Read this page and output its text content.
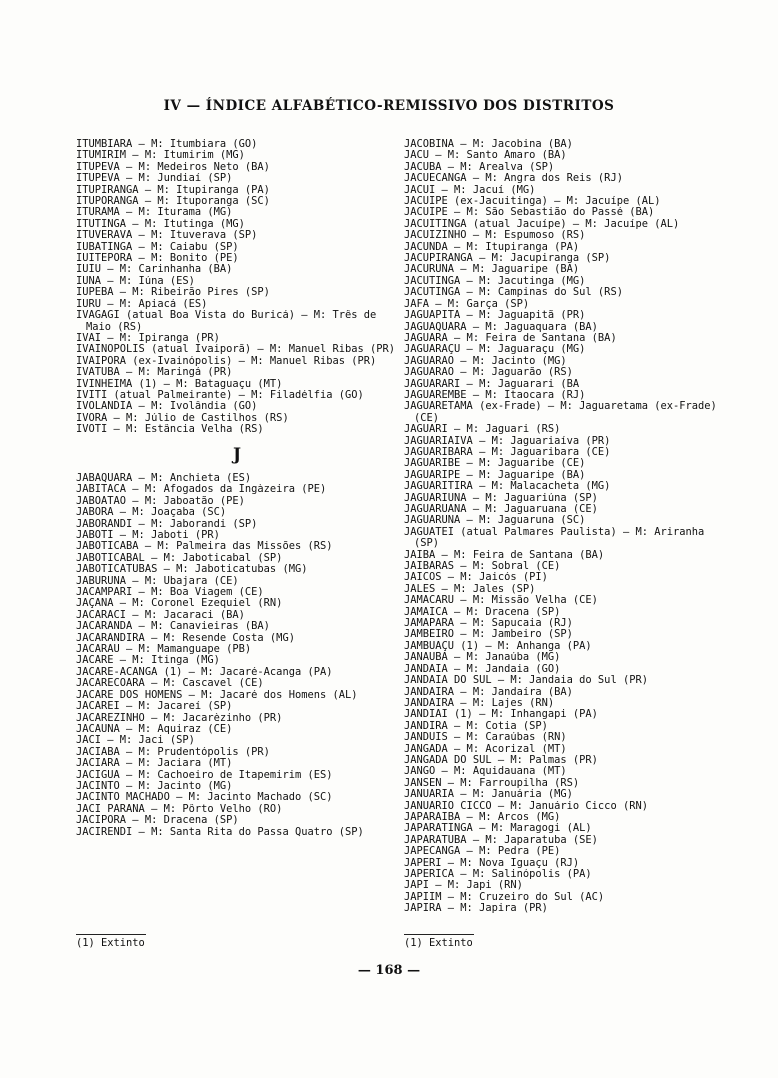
IV — ÍNDICE ALFABÉTICO-REMISSIVO DOS DISTRITOS
ITUMBIARA — M: Itumbiara (GO)
ITUMIRIM — M: Itumirim (MG)
ITUPEVA — M: Medeiros Neto (BA)
ITUPEVA — M: Jundiaí (SP)
ITUPIRANGA — M: Itupiranga (PA)
ITUPORANGA — M: Ituporanga (SC)
ITURAMA — M: Iturama (MG)
ITUTINGA — M: Itutinga (MG)
ITUVERAVA — M: Ituverava (SP)
IUBATINGA — M: Caiabu (SP)
IUITEPORÃ — M: Bonito (PE)
IUIÚ — M: Carinhanha (BA)
IÚNA — M: Iúna (ES)
IUPEBA — M: Ribeirão Pires (SP)
IURU — M: Apiacá (ES)
IVAGAGI (atual Boa Vista do Buricá) — M: Três de Maio (RS)
IVAÍ — M: Ipiranga (PR)
IVAINÓPOLIS (atual Ivaiporã) — M: Manuel Ribas (PR)
IVAIPORÃ (ex-Ivainópolis) — M: Manuel Ribas (PR)
IVATUBA — M: Maringá (PR)
IVINHEIMA (1) — M: Bataguaçu (MT)
IVITI (atual Palmeirante) — M: Filadélfia (GO)
IVOLÂNDIA — M: Ivolândia (GO)
IVORÁ — M: Júlio de Castilhos (RS)
IVOTI — M: Estância Velha (RS)
J
JABAQUARA — M: Anchieta (ES)
JABITACÁ — M: Afogados da Ingàzeira (PE)
JABOATÃO — M: Jaboatão (PE)
JABORÁ — M: Joaçaba (SC)
JABORANDI — M: Jaborandi (SP)
JABOTI — M: Jaboti (PR)
JABOTICABA — M: Palmeira das Missões (RS)
JABOTICABAL — M: Jaboticabal (SP)
JABOTICATUBAS — M: Jaboticatubas (MG)
JABURUNA — M: Ubajara (CE)
JACAMPARI — M: Boa Viagem (CE)
JAÇANÃ — M: Coronel Ezequiel (RN)
JACARACI — M: Jacaraci (BA)
JACARANDÁ — M: Canavieiras (BA)
JACARANDIRA — M: Resende Costa (MG)
JACARAÚ — M: Mamanguape (PB)
JACARÉ — M: Itinga (MG)
JACARÉ-ACANGA (1) — M: Jacaré-Acanga (PA)
JACARECOARA — M: Cascavel (CE)
JACARÉ DOS HOMENS — M: Jacaré dos Homens (AL)
JACAREÍ — M: Jacareí (SP)
JACARÈZINHO — M: Jacarèzinho (PR)
JACAÚNA — M: Aquiraz (CE)
JACI — M: Jaci (SP)
JACIABA — M: Prudentópolis (PR)
JACIARA — M: Jaciara (MT)
JACIGUÁ — M: Cachoeiro de Itapemirim (ES)
JACINTO — M: Jacinto (MG)
JACINTO MACHADO — M: Jacinto Machado (SC)
JACI PARANÁ — M: Pôrto Velho (RO)
JACIPORÃ — M: Dracena (SP)
JACIRENDI — M: Santa Rita do Passa Quatro (SP)
JACOBINA — M: Jacobina (BA)
JACU — M: Santo Amaro (BA)
JACUBA — M: Arealva (SP)
JACUECANGA — M: Angra dos Reis (RJ)
JACUÍ — M: Jacuí (MG)
JACUÍPE (ex-Jacuitinga) — M: Jacuípe (AL)
JACUÍPE — M: São Sebastião do Passé (BA)
JACUITINGA (atual Jacuípe) — M: Jacuípe (AL)
JACUIZINHO — M: Espumoso (RS)
JACUNDÁ — M: Itupiranga (PA)
JACUPIRANGA — M: Jacupiranga (SP)
JACURUNA — M: Jaguaripe (BA)
JACUTINGA — M: Jacutinga (MG)
JACUTINGA — M: Campinas do Sul (RS)
JAFA — M: Garça (SP)
JAGUAPITÃ — M: Jaguapitã (PR)
JAGUAQUARA — M: Jaguaquara (BA)
JAGUARA — M: Feira de Santana (BA)
JAGUARAÇU — M: Jaguaraçu (MG)
JAGUARÃO — M: Jacinto (MG)
JAGUARÃO — M: Jaguarão (RS)
JAGUARARI — M: Jaguarari (BA
JAGUAREMBÉ — M: Itaocara (RJ)
JAGUARETAMA (ex-Frade) — M: Jaguaretama (ex-Frade) (CE)
JAGUARI — M: Jaguari (RS)
JAGUARIAÍVA — M: Jaguariaíva (PR)
JAGUARIBARA — M: Jaguaribara (CE)
JAGUARIBE — M: Jaguaribe (CE)
JAGUARIPE — M: Jaguaripe (BA)
JAGUARITIRA — M: Malacacheta (MG)
JAGUARIÚNA — M: Jaguariúna (SP)
JAGUARUANA — M: Jaguaruana (CE)
JAGUARUNA — M: Jaguaruna (SC)
JAGUATEÍ (atual Palmares Paulista) — M: Ariranha (SP)
JAÍBA — M: Feira de Santana (BA)
JAIBARAS — M: Sobral (CE)
JAICÓS — M: Jaicós (PI)
JALES — M: Jales (SP)
JAMACARU — M: Missão Velha (CE)
JAMAICA — M: Dracena (SP)
JAMAPARÁ — M: Sapucaia (RJ)
JAMBEIRO — M: Jambeiro (SP)
JAMBUAÇU (1) — M: Anhanga (PA)
JANAÚBA — M: Janaúba (MG)
JANDAIA — M: Jandaia (GO)
JANDAIA DO SUL — M: Jandaia do Sul (PR)
JANDAÍRA — M: Jandaíra (BA)
JANDAÍRA — M: Lajes (RN)
JANDIAÍ (1) — M: Inhangapi (PA)
JANDIRA — M: Cotia (SP)
JANDUÍS — M: Caraúbas (RN)
JANGADA — M: Acorizal (MT)
JANGADA DO SUL — M: Palmas (PR)
JANGO — M: Aquidauana (MT)
JANSEN — M: Farroupilha (RS)
JANUÁRIA — M: Januária (MG)
JANUÁRIO CICCO — M: Januário Cicco (RN)
JAPARAÍBA — M: Arcos (MG)
JAPARATINGA — M: Maragogi (AL)
JAPARATUBA — M: Japaratuba (SE)
JAPECANGA — M: Pedra (PE)
JAPERI — M: Nova Iguaçu (RJ)
JAPERICA — M: Salinópolis (PA)
JAPI — M: Japi (RN)
JAPIIM — M: Cruzeiro do Sul (AC)
JAPIRA — M: Japira (PR)
(1) Extinto	(1) Extinto
— 168 —
